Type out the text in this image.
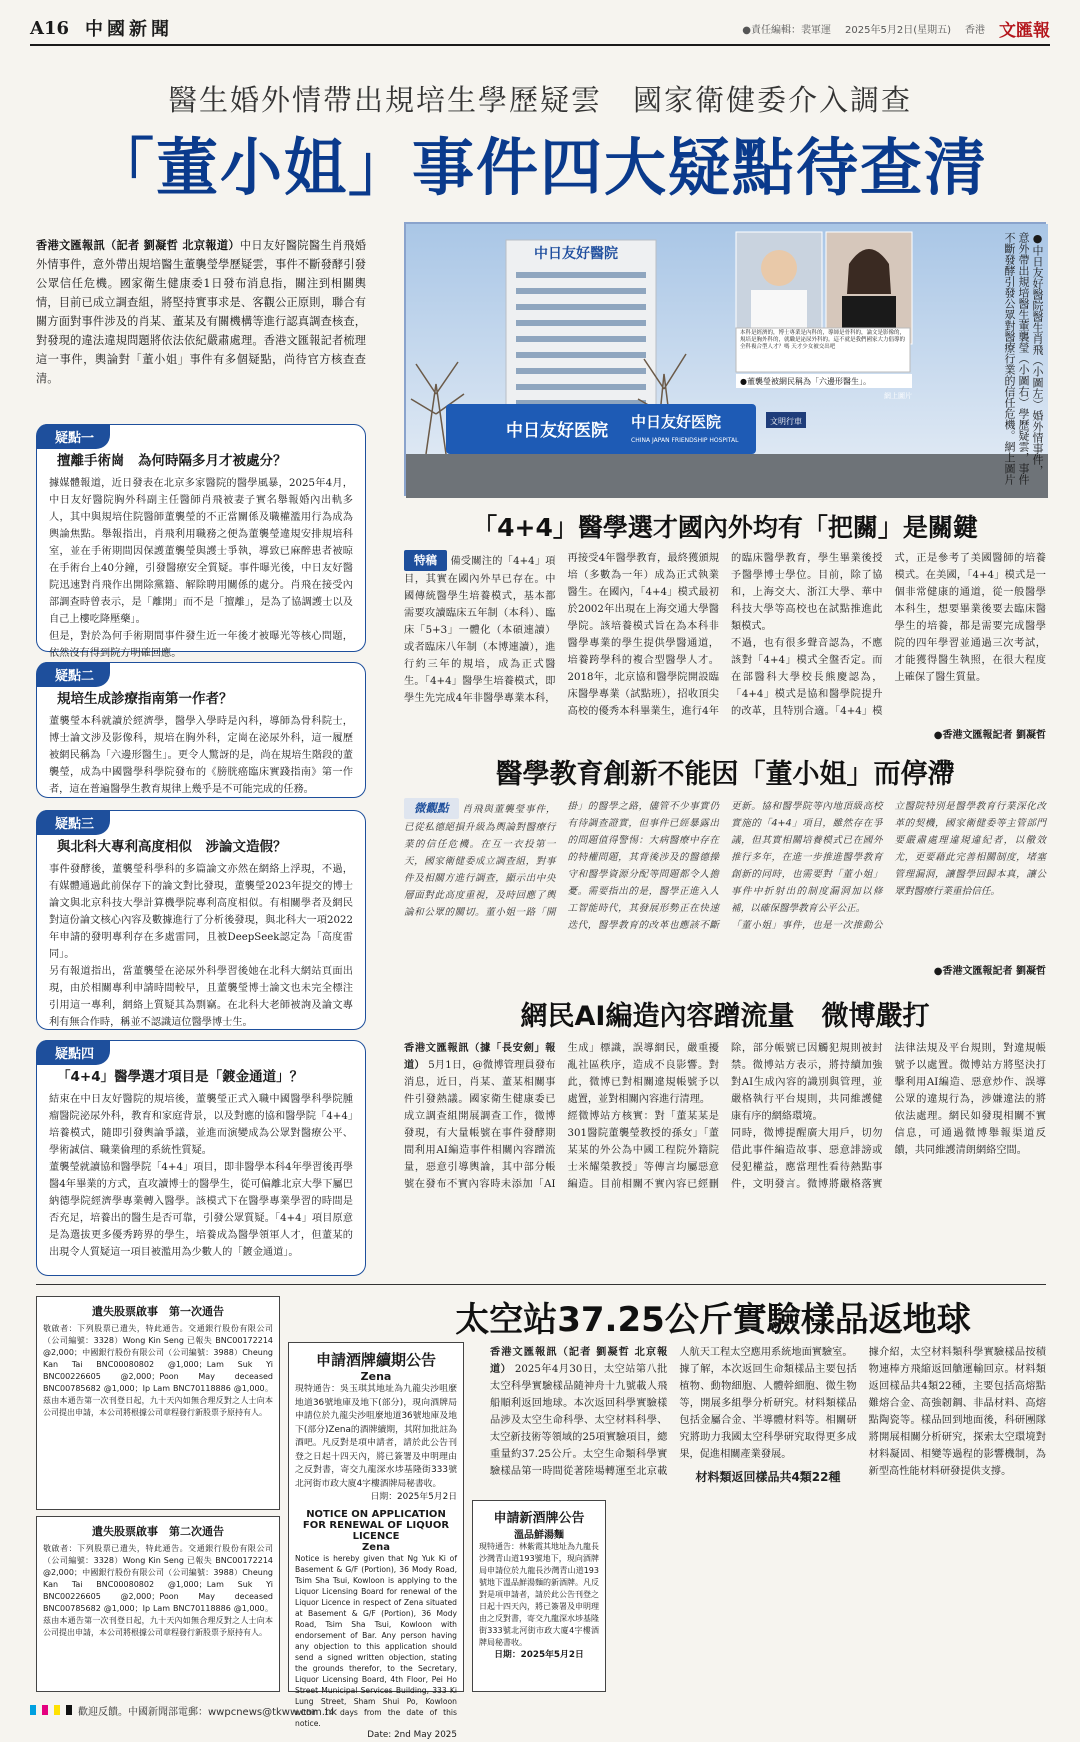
A16 中國新聞	●責任編輯：裴軍運 2025年5月2日(星期五) 香港 文匯報
醫生婚外情帶出規培生學歷疑雲　國家衛健委介入調查
「董小姐」事件四大疑點待查清
香港文匯報訊（記者 劉凝哲 北京報道）中日友好醫院醫生肖飛婚外情事件，意外帶出規培醫生董襲瑩學歷疑雲，事件不斷發酵引發公眾信任危機。國家衛生健康委1日發布消息指，關注到相關輿情，目前已成立調查組，將堅持實事求是、客觀公正原則，聯合有關方面對事件涉及的肖某、董某及有關機構等進行認真調查核查，對發現的違法違規問題將依法依紀嚴肅處理。香港文匯報記者梳理這一事件，輿論對「董小姐」事件有多個疑點，尚待官方核查查清。
疑點一
擅離手術崗　為何時隔多月才被處分？
據媒體報道，近日發表在北京多家醫院的醫學風暴，2025年4月，中日友好醫院胸外科副主任醫師肖飛被妻子實名舉報婚內出軌多人，其中與規培住院醫師董襲瑩的不正當關係及職權濫用行為成為輿論焦點。舉報指出，肖飛利用職務之便為董襲瑩違規安排規培科室，並在手術期間因保護董襲瑩與護士爭執，導致已麻醉患者被晾在手術台上40分鐘，引發醫療安全質疑。事件曝光後，中日友好醫院迅速對肖飛作出開除黨籍、解除聘用關係的處分。肖飛在接受內部調查時曾表示，是「離開」而不是「擅離」，是為了協調護士以及自己上樓吃降壓藥」。
但是，對於為何手術期間事件發生近一年後才被曝光等核心問題，依然沒有得到院方明確回應。
疑點二
規培生成診療指南第一作者？
董襲瑩本科就讀於經濟學，醫學入學時是內科，導師為骨科院士，博士論文涉及影像科，規培在胸外科，定崗在泌尿外科，這一履歷被網民稱為「六邊形醫生」。更令人驚訝的是，尚在規培生階段的董襲瑩，成為中國醫學科學院發布的《膀胱癌臨床實踐指南》第一作者，這在普遍醫學生教育規律上幾乎是不可能完成的任務。
疑點三
與北科大專利高度相似　涉論文造假？
事件發酵後，董襲瑩科學科的多篇論文亦然在網絡上浮現，不過，有媒體通過此前保存下的論文對比發現，董襲瑩2023年提交的博士論文與北京科技大學計算機學院專利高度相似。有相關學者及網民對這份論文核心內容及數據進行了分析後發現，與北科大一項2022年申請的發明專利存在多處雷同，且被DeepSeek認定為「高度雷同」。
另有報道指出，當董襲瑩在泌尿外科學習後她在北科大網站頁面出現，由於相關專利申請時間較早，且董襲瑩博士論文也未完全標注引用這一專利，網絡上質疑其為剽竊。在北科大老師被詢及論文專利有無合作時，稱並不認識這位醫學博士生。
疑點四
「4+4」醫學選才項目是「鍍金通道」？
結束在中日友好醫院的規培後，董襲瑩正式入職中國醫學科學院腫瘤醫院泌尿外科，教育和家庭背景，以及對應的協和醫學院「4+4」培養模式，隨即引發輿論爭議，並進而演變成為公眾對醫療公平、學術誠信、職業倫理的系統性質疑。
董襲瑩就讀協和醫學院「4+4」項目，即非醫學本科4年學習後再學醫4年畢業的方式，直攻讀博士的醫學生，從可偏離北京大學下屬巴納德學院經濟學專業轉入醫學。該模式下在醫學專業學習的時間是否充足，培養出的醫生是否可靠，引發公眾質疑。「4+4」項目原意是為選拔更多優秀跨界的學生，培養成為醫學領軍人才，但董某的出現令人質疑這一項目被濫用為少數人的「鍍金通道」。
中日友好醫院
中日友好医院 中日友好医院
CHINA JAPAN FRIENDSHIP HOSPITAL
文明行車
本科是經濟的，博士專業是內科的，導師是骨科的，論文是影像的，規培是胸外科的，就職是泌尿外科的。這不就是我們國家大力倡導的全科複合型人才？嗎 天才少女被交出吧
●董襲瑩被網民稱為「六邊形醫生」。
網上圖片	●中日友好醫院醫生肖飛（小圖左）婚外情事件，意外帶出規培醫生董襲瑩（小圖右）學歷疑雲，事件不斷發酵引發公眾對醫療行業的信任危機。網上圖片
「4+4」醫學選才國內外均有「把關」是關鍵
特稿 備受關注的「4+4」項目，其實在國內外早已存在。中國傳統醫學生培養模式，基本都需要攻讀臨床五年制（本科）、臨床「5+3」一體化（本碩連讀）或者臨床八年制（本博連讀），進行約三年的規培，成為正式醫生。「4+4」醫學生培養模式，即學生先完成4年非醫學專業本科，再接受4年醫學教育，最終獲頒規培（多數為一年）成為正式執業醫生。在國內，「4+4」模式最初於2002年出現在上海交通大學醫學院。該培養模式旨在為本科非醫學專業的學生提供學醫通道，培養跨學科的複合型醫學人才。2018年，北京協和醫學院開設臨床醫學專業（試點班），招收頂尖高校的優秀本科畢業生，進行4年的臨床醫學教育，學生畢業後授予醫學博士學位。目前，除了協和，上海交大、浙江大學、華中科技大學等高校也在試點推進此類模式。
不過，也有很多聲音認為，不應該對「4+4」模式全盤否定。而在部醫科大學校長熊慶認為，「4+4」模式是協和醫學院提升的改革，且特別合適。「4+4」模式，正是參考了美國醫師的培養模式。在美國，「4+4」模式是一個非常健康的通道，從一般醫學本科生，想要畢業後要去臨床醫學生的培養，都是需要完成醫學院的四年學習並通過三次考試，才能獲得醫生執照，在很大程度上確保了醫生質量。
●香港文匯報記者 劉凝哲
醫學教育創新不能因「董小姐」而停滯
微觀點 肖飛與董襲瑩事件，已從私德絕損升級為輿論對醫療行業的信任危機。在互一衣投第一天，國家衛健委成立調查組，對事件及相關方進行調查，顯示出中央層面對此高度重視，及時回應了輿論和公眾的關切。董小姐一路「開掛」的醫學之路，儘管不少事實仍有待調查證實，但事件已經暴露出的問題值得警惕：大病醫療中存在的特權問題，其背後涉及的醫德操守和醫學資源分配等問題都令人擔憂。需要指出的是，醫學正進入人工智能時代，其發展形勢正在快速迭代，醫學教育的改革也應該不斷更新。協和醫學院等內地頂級高校實施的「4+4」項目，雖然存在爭議，但其實相關培養模式已在國外推行多年，在進一步推進醫學教育創新的同時，也需要對「董小姐」事件中折射出的制度漏洞加以修補，以確保醫學教育公平公正。
「董小姐」事件，也是一次推動公立醫院特別是醫學教育行業深化改革的契機，國家衛健委等主管部門要嚴肅處理違規違紀者，以儆效尤，更要藉此完善相關制度，堵塞管理漏洞，讓醫學回歸本真，讓公眾對醫療行業重拾信任。
●香港文匯報記者 劉凝哲
網民AI編造內容蹭流量　微博嚴打
香港文匯報訊（據「長安劍」報道） 5月1日，@微博管理員發布消息，近日，肖某、董某相關事件引發熱議。國家衛生健康委已成立調查組開展調查工作，微博發現，有大量帳號在事件發酵期間利用AI編造事件相關內容蹭流量，惡意引導輿論，其中部分帳號在發布不實內容時未添加「AI生成」標識，誤導網民，嚴重擾亂社區秩序，造成不良影響。對此，微博已對相關違規帳號予以處置，並對相關內容進行清理。
經微博站方核實：對「董某某是301醫院董襲瑩教授的孫女」「董某某的外公為中國工程院外籍院士米耀榮教授」等傳言均屬惡意編造。目前相關不實內容已經刪除，部分帳號已因觸犯規則被封禁。微博站方表示，將持續加強對AI生成內容的識別與管理，並嚴格執行平台規則，共同維護健康有序的網絡環境。
同時，微博提醒廣大用戶，切勿借此事件編造故事、惡意誹謗或侵犯權益，應當理性看待熱點事件，文明發言。微博將嚴格落實法律法規及平台規則，對違規帳號予以處置。微博站方將堅決打擊利用AI編造、惡意炒作、誤導公眾的違規行為，涉嫌違法的將依法處理。網民如發現相關不實信息，可通過微博舉報渠道反饋，共同維護清朗網絡空間。
太空站37.25公斤實驗樣品返地球
香港文匯報訊（記者 劉凝哲 北京報道） 2025年4月30日，太空站第八批太空科學實驗樣品隨神舟十九號載人飛船順利返回地球。本次返回科學實驗樣品涉及太空生命科學、太空材料科學、太空新技術等領域的25項實驗項目，總重量約37.25公斤。太空生命類科學實驗樣品第一時間從著陸場轉運至北京載人航天工程太空應用系統地面實驗室。
據了解，本次返回生命類樣品主要包括植物、動物細胞、人體幹細胞、微生物等，開展多組學分析研究。材料類樣品包括金屬合金、半導體材料等。相關研究將助力我國太空科學研究取得更多成果，促進相關產業發展。

材料類返回樣品共4類22種
據介紹，太空材料類科學實驗樣品按積物連棒方飛縮返回艙運輸回京。材料類返回樣品共4類22種，主要包括高熔點難熔合金、高強韌鋼、非晶材料、高熔點陶瓷等。樣品回到地面後，科研團隊將開展相關分析研究，探索太空環境對材料凝固、相變等過程的影響機制，為新型高性能材料研發提供支撐。
遺失股票啟事　第一次通告
敬啟者：下列股票已遺失，特此通告。交通銀行股份有限公司（公司編號：3328）Wong Kin Seng 已報失 BNC00172214 @2,000；中國銀行股份有限公司（公司編號：3988）Cheung Kan Tai BNC00080802 @1,000；Lam Suk Yi BNC00226605 @2,000；Poon May deceased BNC00785682 @1,000；Ip Lam BNC70118886 @1,000。茲由本通告第一次刊登日起，九十天內如無合理反對之人士向本公司提出申請，本公司將根據公司章程發行新股票予原持有人。
遺失股票啟事　第二次通告
敬啟者：下列股票已遺失，特此通告。交通銀行股份有限公司（公司編號：3328）Wong Kin Seng 已報失 BNC00172214 @2,000；中國銀行股份有限公司（公司編號：3988）Cheung Kan Tai BNC00080802 @1,000；Lam Suk Yi BNC00226605 @2,000；Poon May deceased BNC00785682 @1,000；Ip Lam BNC70118886 @1,000。茲由本通告第一次刊登日起，九十天內如無合理反對之人士向本公司提出申請，本公司將根據公司章程發行新股票予原持有人。
申請酒牌續期公告
Zena
現特通告：吳玉琪其地址為九龍尖沙咀麼地道36號地庫及地下(部分)，現向酒牌局申請位於九龍尖沙咀麼地道36號地庫及地下(部分)Zena的酒牌續期，其附加批註為酒吧。凡反對是項申請者，請於此公告刊登之日起十四天內，將已簽署及申明理由之反對書，寄交九龍深水埗基隆街333號北河街市政大廈4字樓酒牌局秘書收。
日期：2025年5月2日
NOTICE ON APPLICATION FOR RENEWAL OF LIQUOR LICENCE
Zena
Notice is hereby given that Ng Yuk Ki of Basement & G/F (Portion), 36 Mody Road, Tsim Sha Tsui, Kowloon is applying to the Liquor Licensing Board for renewal of the Liquor Licence in respect of Zena situated at Basement & G/F (Portion), 36 Mody Road, Tsim Sha Tsui, Kowloon with endorsement of Bar. Any person having any objection to this application should send a signed written objection, stating the grounds therefor, to the Secretary, Liquor Licensing Board, 4th Floor, Pei Ho Street Municipal Services Building, 333 Ki Lung Street, Sham Shui Po, Kowloon within 14 days from the date of this notice.
Date: 2nd May 2025
申請新酒牌公告
溫品鮮湯麵
現特通告：林紫霞其地址為九龍長沙灣青山道193號地下，現向酒牌局申請位於九龍長沙灣青山道193號地下溫品鮮湯麵的新酒牌。凡反對是項申請者，請於此公告刊登之日起十四天內，將已簽署及申明理由之反對書，寄交九龍深水埗基隆街333號北河街市政大廈4字樓酒牌局秘書收。
日期：2025年5月2日
歡迎反饋。中國新聞部電郵：wwpcnews@tkww.com.hk
